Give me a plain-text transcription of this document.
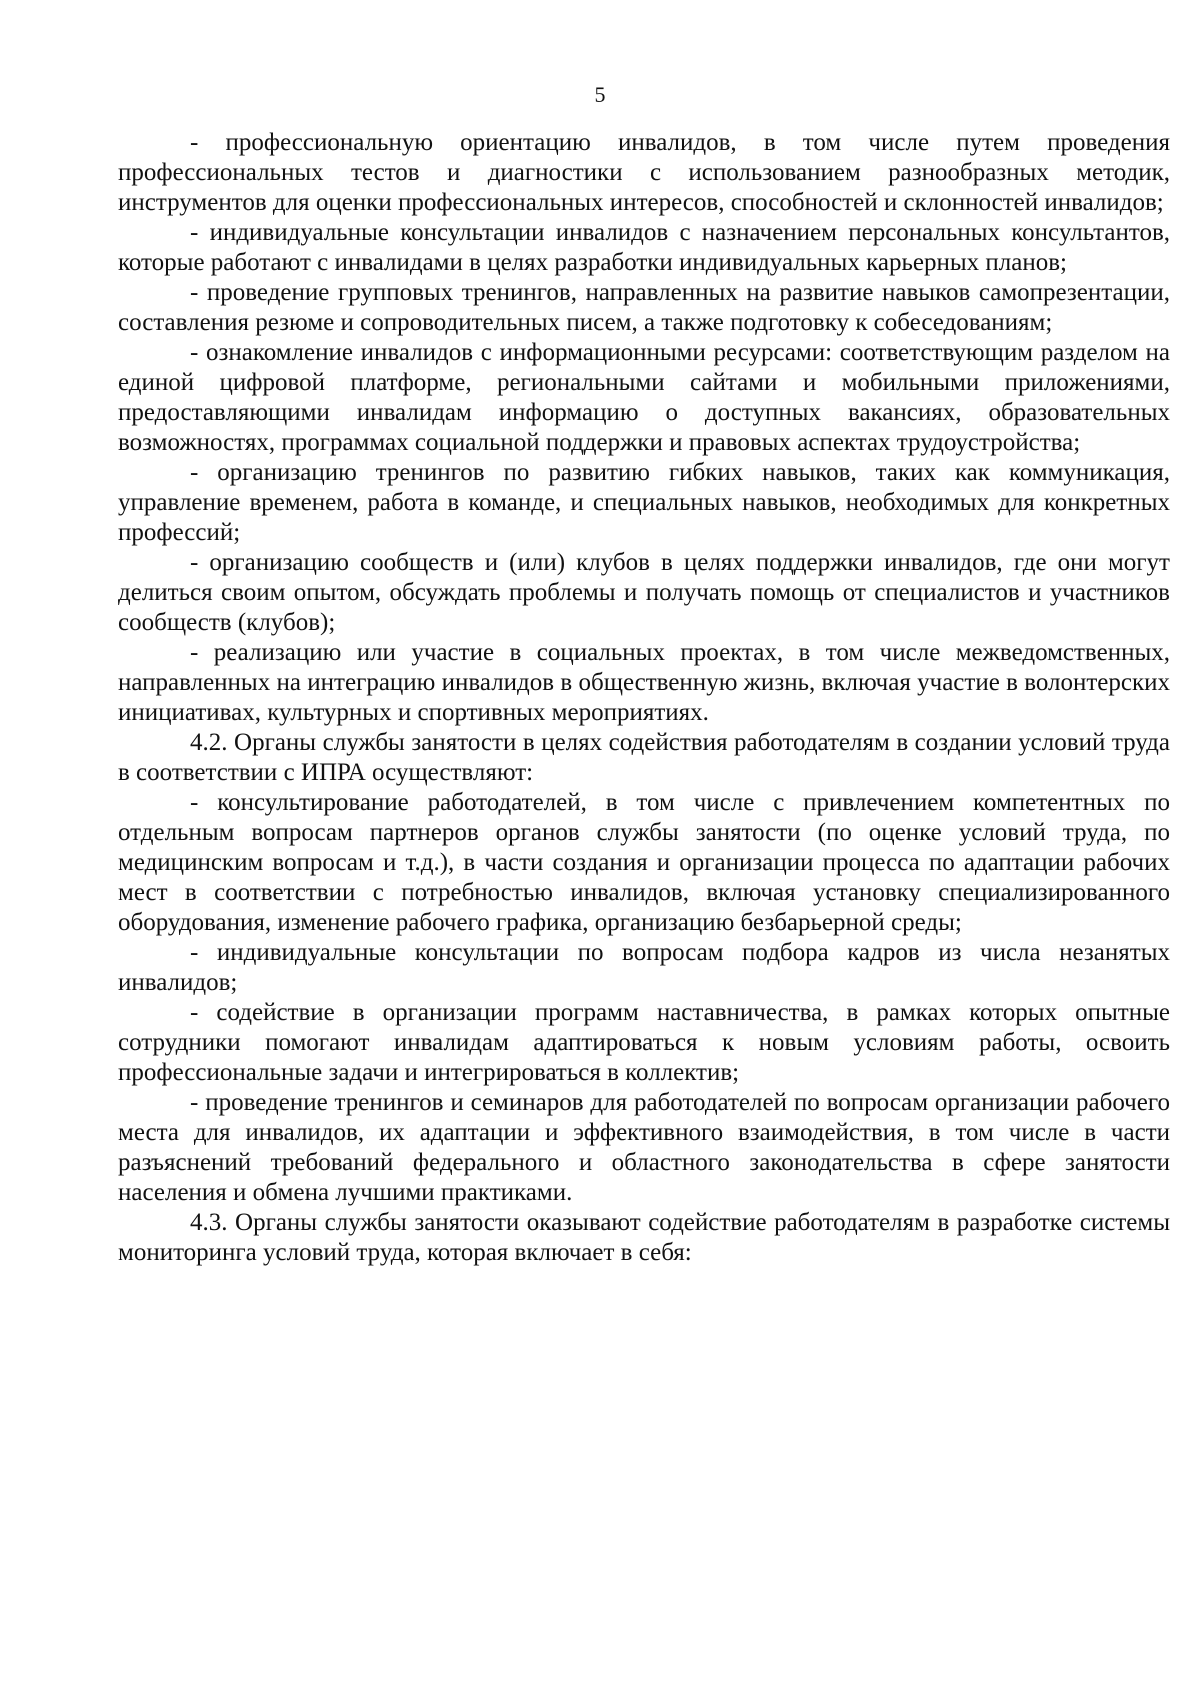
5

- профессиональную ориентацию инвалидов, в том числе путем проведения профессиональных тестов и диагностики с использованием разнообразных методик, инструментов для оценки профессиональных интересов, способностей и склонностей инвалидов;

- индивидуальные консультации инвалидов с назначением персональных консультантов, которые работают с инвалидами в целях разработки индивидуальных карьерных планов;

- проведение групповых тренингов, направленных на развитие навыков самопрезентации, составления резюме и сопроводительных писем, а также подготовку к собеседованиям;

- ознакомление инвалидов с информационными ресурсами: соответствующим разделом на единой цифровой платформе, региональными сайтами и мобильными приложениями, предоставляющими инвалидам информацию о доступных вакансиях, образовательных возможностях, программах социальной поддержки и правовых аспектах трудоустройства;

- организацию тренингов по развитию гибких навыков, таких как коммуникация, управление временем, работа в команде, и специальных навыков, необходимых для конкретных профессий;

- организацию сообществ и (или) клубов в целях поддержки инвалидов, где они могут делиться своим опытом, обсуждать проблемы и получать помощь от специалистов и участников сообществ (клубов);

- реализацию или участие в социальных проектах, в том числе межведомственных, направленных на интеграцию инвалидов в общественную жизнь, включая участие в волонтерских инициативах, культурных и спортивных мероприятиях.

4.2. Органы службы занятости в целях содействия работодателям в создании условий труда в соответствии с ИПРА осуществляют:

- консультирование работодателей, в том числе с привлечением компетентных по отдельным вопросам партнеров органов службы занятости (по оценке условий труда, по медицинским вопросам и т.д.), в части создания и организации процесса по адаптации рабочих мест в соответствии с потребностью инвалидов, включая установку специализированного оборудования, изменение рабочего графика, организацию безбарьерной среды;

- индивидуальные консультации по вопросам подбора кадров из числа незанятых инвалидов;

- содействие в организации программ наставничества, в рамках которых опытные сотрудники помогают инвалидам адаптироваться к новым условиям работы, освоить профессиональные задачи и интегрироваться в коллектив;

- проведение тренингов и семинаров для работодателей по вопросам организации рабочего места для инвалидов, их адаптации и эффективного взаимодействия, в том числе в части разъяснений требований федерального и областного законодательства в сфере занятости населения и обмена лучшими практиками.

4.3. Органы службы занятости оказывают содействие работодателям в разработке системы мониторинга условий труда, которая включает в себя:
